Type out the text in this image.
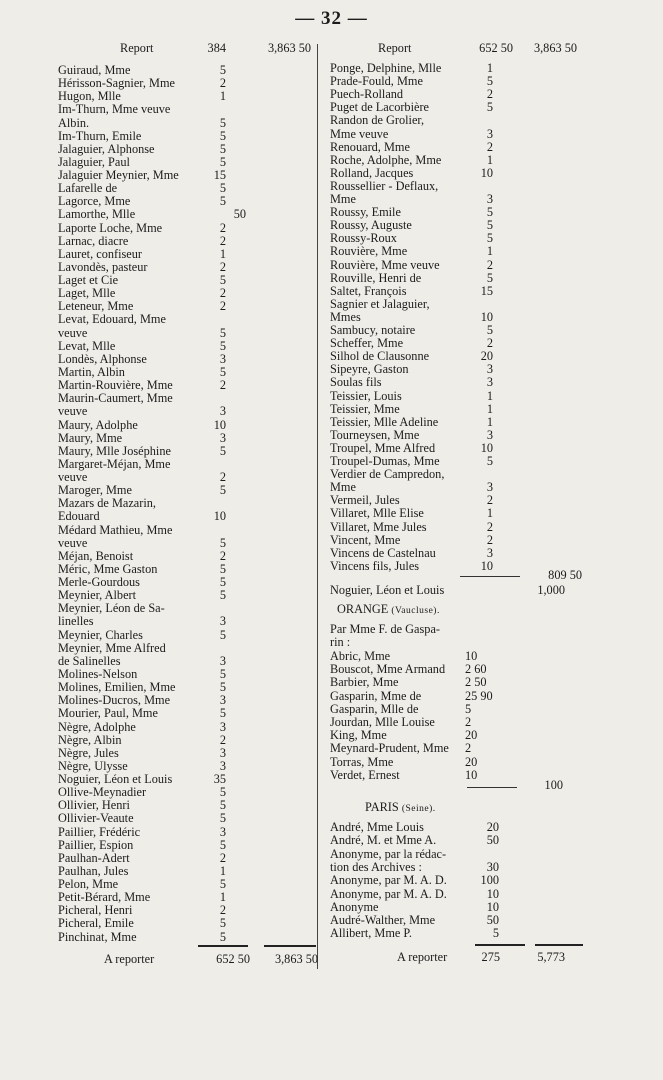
— 32 —
Report	384	3,863 50
Guiraud, Mme	5
Hérisson-Sagnier, Mme	2
Hugon, Mlle	1
Im-Thurn, Mme veuve
Albin.	5
Im-Thurn, Emile	5
Jalaguier, Alphonse	5
Jalaguier, Paul	5
Jalaguier Meynier, Mme	15
Lafarelle de	5
Lagorce, Mme	5
Lamorthe, Mlle	50
Laporte Loche, Mme	2
Larnac, diacre	2
Lauret, confiseur	1
Lavondès, pasteur	2
Laget et Cie	5
Laget, Mlle	2
Leteneur, Mme	2
Levat, Edouard, Mme
veuve	5
Levat, Mlle	5
Londès, Alphonse	3
Martin, Albin	5
Martin-Rouvière, Mme	2
Maurin-Caumert, Mme
veuve	3
Maury, Adolphe	10
Maury, Mme	3
Maury, Mlle Joséphine	5
Margaret-Méjan, Mme
veuve	2
Maroger, Mme	5
Mazars de Mazarin,
Edouard	10
Médard Mathieu, Mme
veuve	5
Méjan, Benoist	2
Méric, Mme Gaston	5
Merle-Gourdous	5
Meynier, Albert	5
Meynier, Léon de Sa-
linelles	3
Meynier, Charles	5
Meynier, Mme Alfred
de Salinelles	3
Molines-Nelson	5
Molines, Emilien, Mme	5
Molines-Ducros, Mme	3
Mourier, Paul, Mme	5
Nègre, Adolphe	3
Nègre, Albin	2
Nègre, Jules	3
Nègre, Ulysse	3
Noguier, Léon et Louis	35
Ollive-Meynadier	5
Ollivier, Henri	5
Ollivier-Veaute	5
Paillier, Frédéric	3
Paillier, Espion	5
Paulhan-Adert	2
Paulhan, Jules	1
Pelon, Mme	5
Petit-Bérard, Mme	1
Picheral, Henri	2
Picheral, Emile	5
Pinchinat, Mme	5
A reporter	652 50	3,863 50
Report	652 50	3,863 50
Ponge, Delphine, Mlle	1
Prade-Fould, Mme	5
Puech-Rolland	2
Puget de Lacorbière	5
Randon de Grolier,
Mme veuve	3
Renouard, Mme	2
Roche, Adolphe, Mme	1
Rolland, Jacques	10
Roussellier - Deflaux,
Mme	3
Roussy, Emile	5
Roussy, Auguste	5
Roussy-Roux	5
Rouvière, Mme	1
Rouvière, Mme veuve	2
Rouville, Henri de	5
Saltet, François	15
Sagnier et Jalaguier,
Mmes	10
Sambucy, notaire	5
Scheffer, Mme	2
Silhol de Clausonne	20
Sipeyre, Gaston	3
Soulas fils	3
Teissier, Louis	1
Teissier, Mme	1
Teissier, Mlle Adeline	1
Tourneysen, Mme	3
Troupel, Mme Alfred	10
Troupel-Dumas, Mme	5
Verdier de Campredon,
Mme	3
Vermeil, Jules	2
Villaret, Mlle Elise	1
Villaret, Mme Jules	2
Vincent, Mme	2
Vincens de Castelnau	3
Vincens fils, Jules	10
809 50
Noguier, Léon et Louis	1,000
ORANGE (Vaucluse).
Par Mme F. de Gaspa-
rin :
Abric, Mme	10
Bouscot, Mme Armand 2 60
Barbier, Mme	2 50
Gasparin, Mme de	25 90
Gasparin, Mlle de	5
Jourdan, Mlle Louise 2
King, Mme	20
Meynard-Prudent, Mme 2
Torras, Mme	20
Verdet, Ernest	10
100
PARIS (Seine).
André, Mme Louis	20
André, M. et Mme A.	50
Anonyme, par la rédac-
tion des Archives :	30
Anonyme, par M. A. D.	100
Anonyme, par M. A. D.	10
Anonyme	10
Audré-Walther, Mme	50
Allibert, Mme P.	5
A reporter	275	5,773
